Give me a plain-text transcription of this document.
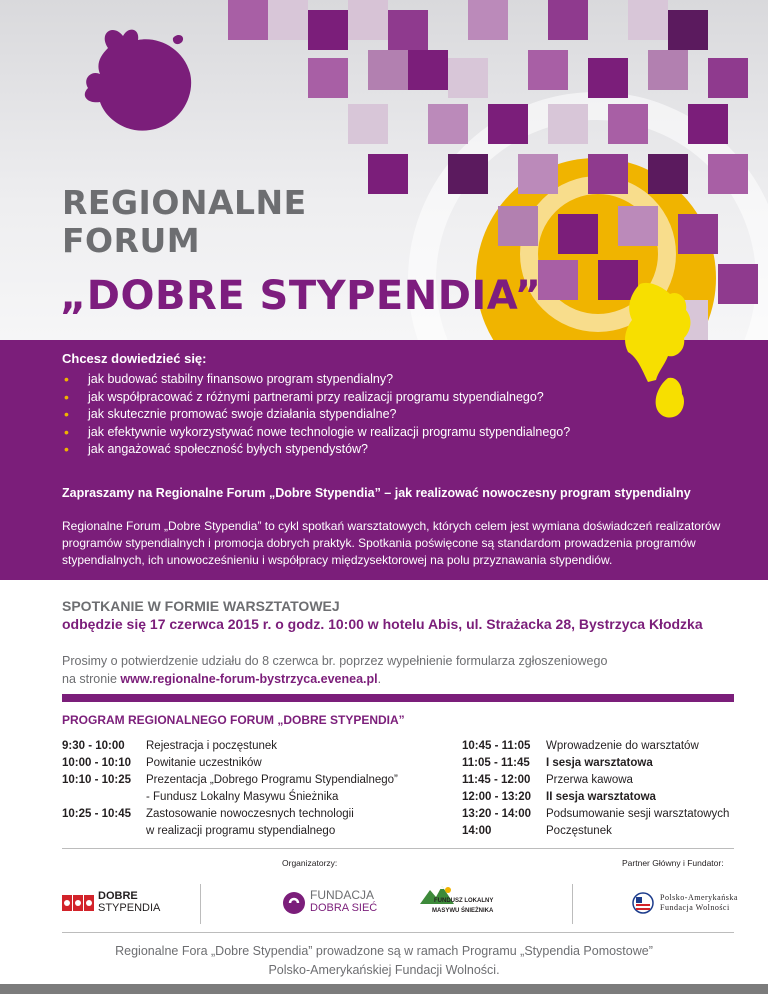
REGIONALNE
FORUM
„DOBRE STYPENDIA”
Chcesz dowiedzieć się:
• jak budować stabilny finansowo program stypendialny?
• jak współpracować z różnymi partnerami przy realizacji programu stypendialnego?
• jak skutecznie promować swoje działania stypendialne?
• jak efektywnie wykorzystywać nowe technologie w realizacji programu stypendialnego?
• jak angażować społeczność byłych stypendystów?
Zapraszamy na Regionalne Forum „Dobre Stypendia” – jak realizować nowoczesny program stypendialny
Regionalne Forum „Dobre Stypendia” to cykl spotkań warsztatowych, których celem jest wymiana doświadczeń realizatorów programów stypendialnych i promocja dobrych praktyk. Spotkania poświęcone są standardom prowadzenia programów stypendialnych, ich unowocześnieniu i współpracy międzysektorowej na polu przyznawania stypendiów.
SPOTKANIE W FORMIE WARSZTATOWEJ
odbędzie się 17 czerwca 2015 r. o godz. 10:00 w hotelu Abis, ul. Strażacka 28, Bystrzyca Kłodzka
Prosimy o potwierdzenie udziału do 8 czerwca br. poprzez wypełnienie formularza zgłoszeniowego
na stronie www.regionalne-forum-bystrzyca.evenea.pl.
PROGRAM REGIONALNEGO FORUM „DOBRE STYPENDIA”
9:30 - 10:00 Rejestracja i poczęstunek
10:00 - 10:10 Powitanie uczestników
10:10 - 10:25 Prezentacja „Dobrego Programu Stypendialnego”
- Fundusz Lokalny Masywu Śnieżnika
10:25 - 10:45 Zastosowanie nowoczesnych technologii
w realizacji programu stypendialnego
10:45 - 11:05 Wprowadzenie do warsztatów
11:05 - 11:45 I sesja warsztatowa
11:45 - 12:00 Przerwa kawowa
12:00 - 13:20 II sesja warsztatowa
13:20 - 14:00 Podsumowanie sesji warsztatowych
14:00	Poczęstunek
Organizatorzy:	Partner Główny i Fundator:
DOBRE
STYPENDIA
FUNDACJA
DOBRA SIEĆ
FUNDUSZ LOKALNY
MASYWU ŚNIEŻNIKA
Polsko-Amerykańska
Fundacja Wolności
Regionalne Fora „Dobre Stypendia” prowadzone są w ramach Programu „Stypendia Pomostowe”
Polsko-Amerykańskiej Fundacji Wolności.
